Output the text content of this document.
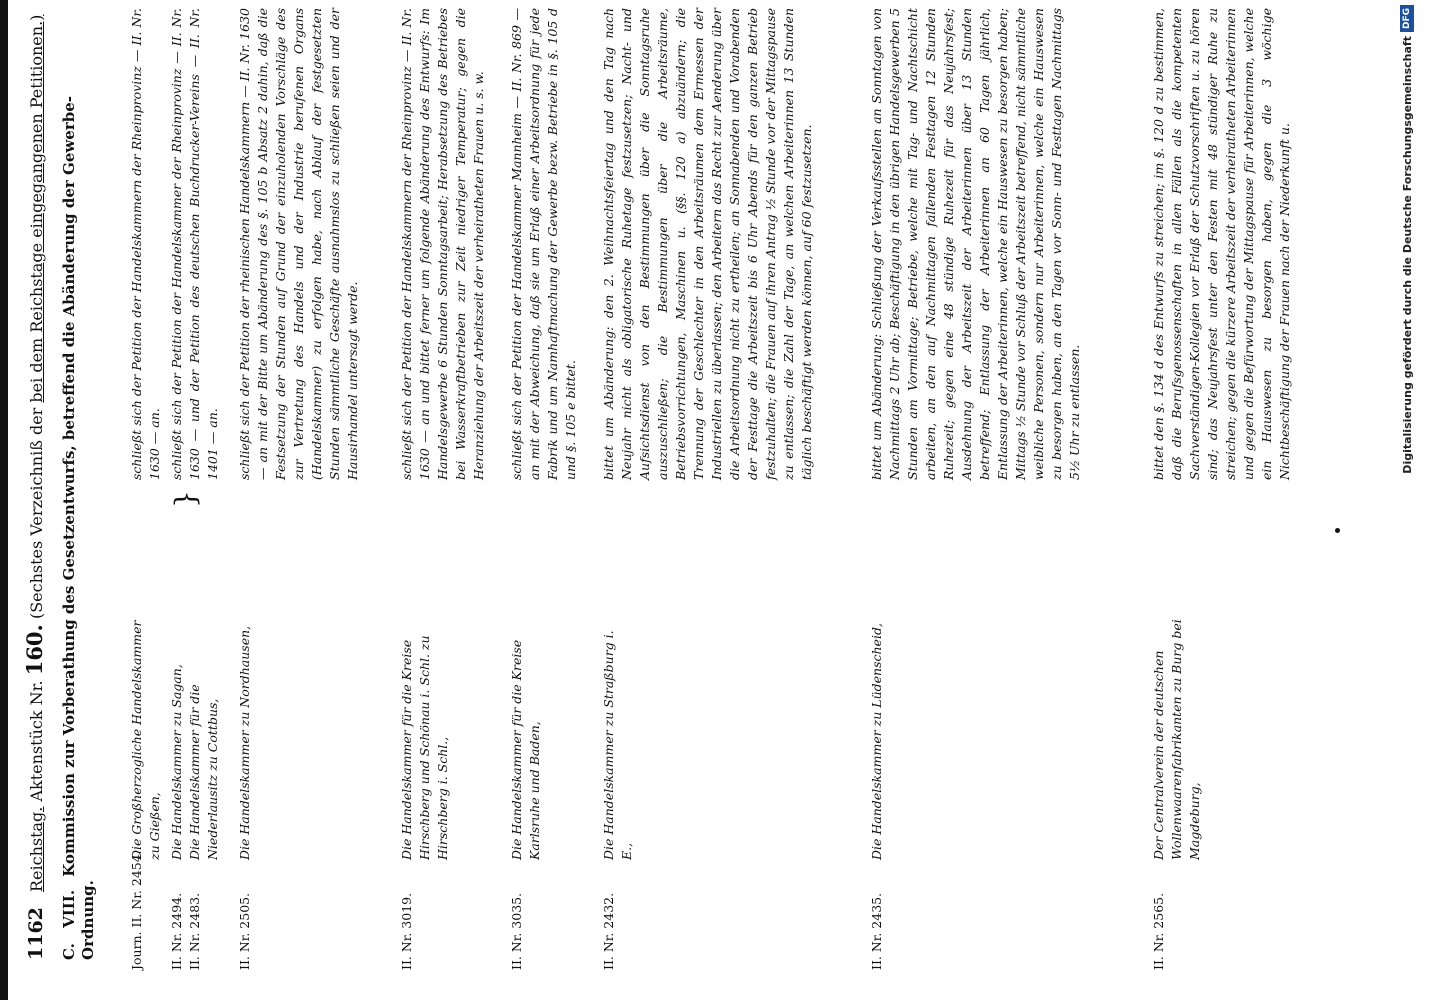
1162 Reichstag. Aktenstück Nr. 160. (Sechstes Verzeichniß der bei dem Reichstage eingegangenen Petitionen.)
C. VIII. Kommission zur Vorberathung des Gesetzentwurfs, betreffend die Abänderung der Gewerbe-Ordnung.	Journ. II. Nr. 2454.
Die Großherzogliche Handelskammer zu Gießen,
schließt sich der Petition der Handelskammern der Rheinprovinz — II. Nr. 1630 — an.
II. Nr. 2494.
II. Nr. 2483.
Die Handelskammer zu Sagan,
Die Handelskammer für die Niederlausitz zu Cottbus,
}
schließt sich der Petition der Handelskammer der Rheinprovinz — II. Nr. 1630 — und der Petition des deutschen Buchdrucker-Vereins — II. Nr. 1401 — an.
II. Nr. 2505.
Die Handelskammer zu Nordhausen,
schließt sich der Petition der rheinischen Handelskammern — II. Nr. 1630 — an mit der Bitte um Abänderung des §. 105 b Absatz 2 dahin, daß die Festsetzung der Stunden auf Grund der einzuholenden Vorschläge des zur Vertretung des Handels und der Industrie berufenen Organs (Handelskammer) zu erfolgen habe, nach Ablauf der festgesetzten Stunden sämmtliche Geschäfte ausnahmslos zu schließen seien und der Hausirhandel untersagt werde.
II. Nr. 3019.
Die Handelskammer für die Kreise Hirschberg und Schönau i. Schl. zu Hirschberg i. Schl.,
schließt sich der Petition der Handelskammern der Rheinprovinz — II. Nr. 1630 — an und bittet ferner um folgende Abänderung des Entwurfs: Im Handelsgewerbe 6 Stunden Sonntagsarbeit; Herabsetzung des Betriebes bei Wasserkraftbetrieben zur Zeit niedriger Temperatur; gegen die Heranziehung der Arbeitszeit der verheiratheten Frauen u. s. w.
II. Nr. 3035.
Die Handelskammer für die Kreise Karlsruhe und Baden,
schließt sich der Petition der Handelskammer Mannheim — II. Nr. 869 — an mit der Abweichung, daß sie um Erlaß einer Arbeitsordnung für jede Fabrik und um Namhaftmachung der Gewerbe bezw. Betriebe in §. 105 d und §. 105 e bittet.
II. Nr. 2432.
Die Handelskammer zu Straßburg i. E.,
bittet um Abänderung: den 2. Weihnachtsfeiertag und den Tag nach Neujahr nicht als obligatorische Ruhetage festzusetzen; Nacht- und Aufsichtsdienst von den Bestimmungen über die Sonntagsruhe auszuschließen; die Bestimmungen über die Arbeitsräume, Betriebsvorrichtungen, Maschinen u. (§§. 120 a) abzuändern; die Trennung der Geschlechter in den Arbeitsräumen dem Ermessen der Industriellen zu überlassen; den Arbeitern das Recht zur Aenderung über die Arbeitsordnung nicht zu ertheilen; an Sonnabenden und Vorabenden der Festtage die Arbeitszeit bis 6 Uhr Abends für den ganzen Betrieb festzuhalten; die Frauen auf ihren Antrag ½ Stunde vor der Mittagspause zu entlassen; die Zahl der Tage, an welchen Arbeiterinnen 13 Stunden täglich beschäftigt werden können, auf 60 festzusetzen.
II. Nr. 2435.
Die Handelskammer zu Lüdenscheid,
bittet um Abänderung: Schließung der Verkaufsstellen an Sonntagen von Nachmittags 2 Uhr ab; Beschäftigung in den übrigen Handelsgewerben 5 Stunden am Vormittage; Betriebe, welche mit Tag- und Nachtschicht arbeiten, an den auf Nachmittagen fallenden Festtagen 12 Stunden Ruhezeit; gegen eine 48 stündige Ruhezeit für das Neujahrsfest; Ausdehnung der Arbeitszeit der Arbeiterinnen über 13 Stunden betreffend; Entlassung der Arbeiterinnen an 60 Tagen jährlich, Entlassung der Arbeiterinnen, welche ein Hauswesen zu besorgen haben; Mittags ½ Stunde vor Schluß der Arbeitszeit betreffend, nicht sämmtliche weibliche Personen, sondern nur Arbeiterinnen, welche ein Hauswesen zu besorgen haben, an den Tagen vor Sonn- und Festtagen Nachmittags 5½ Uhr zu entlassen.
II. Nr. 2565.
Der Centralverein der deutschen Wollenwaarenfabrikanten zu Burg bei Magdeburg,
bittet den §. 134 d des Entwurfs zu streichen; im §. 120 d zu bestimmen, daß die Berufsgenossenschaften in allen Fällen als die kompetenten Sachverständigen-Kollegien vor Erlaß der Schutzvorschriften u. zu hören sind; das Neujahrsfest unter den Festen mit 48 stündiger Ruhe zu streichen; gegen die kürzere Arbeitszeit der verheiratheten Arbeiterinnen und gegen die Befürwortung der Mittagspause für Arbeiterinnen, welche ein Hauswesen zu besorgen haben, gegen die 3 wöchige Nichtbeschäftigung der Frauen nach der Niederkunft u.	Digitalisierung gefördert durch die Deutsche Forschungsgemeinschaft
DFG
